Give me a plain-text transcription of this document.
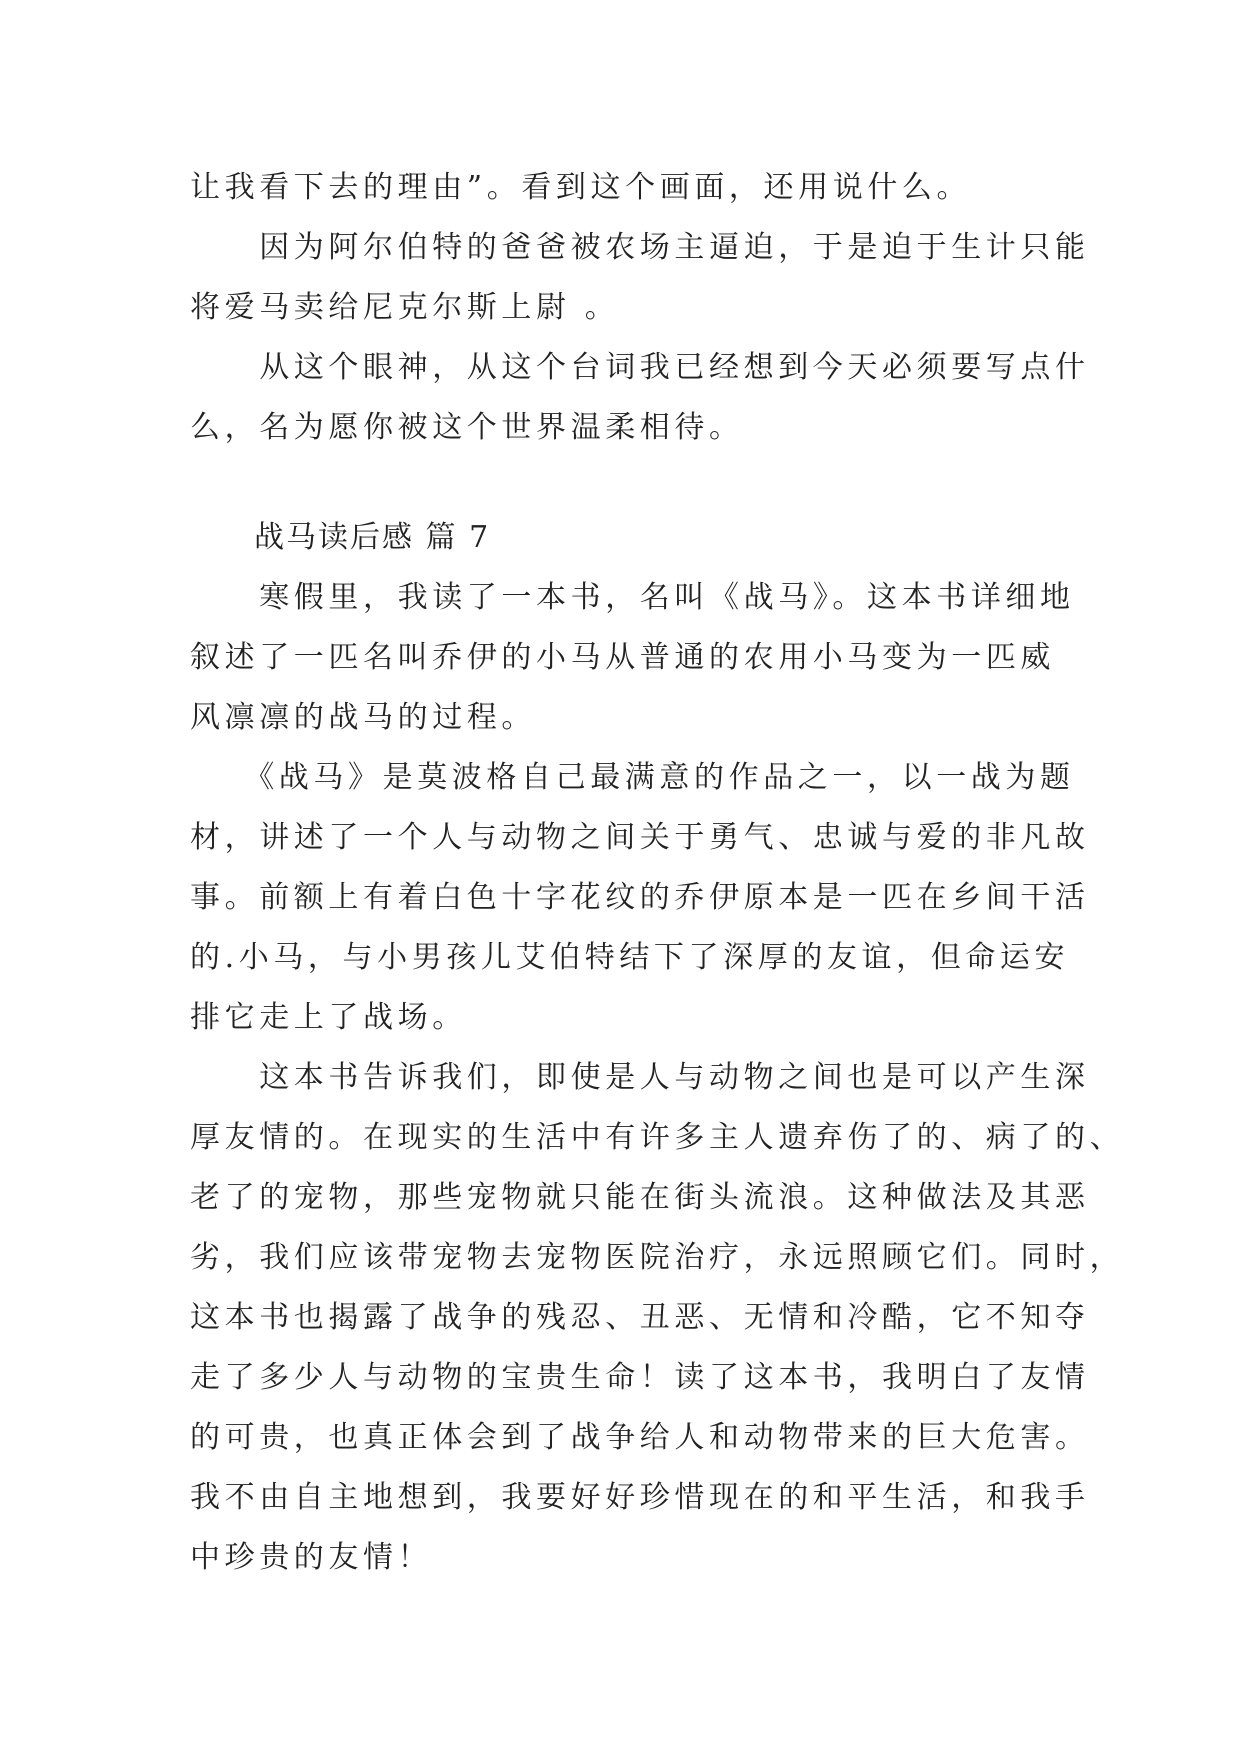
让我看下去的理由”。看到这个画面，还用说什么。
　　因为阿尔伯特的爸爸被农场主逼迫，于是迫于生计只能
将爱马卖给尼克尔斯上尉 。
　　从这个眼神，从这个台词我已经想到今天必须要写点什
么，名为愿你被这个世界温柔相待。
　　战马读后感 篇 7
　　寒假里，我读了一本书，名叫《战马》。这本书详细地
叙述了一匹名叫乔伊的小马从普通的农用小马变为一匹威
风凛凛的战马的过程。
　　《战马》是莫波格自己最满意的作品之一，以一战为题
材，讲述了一个人与动物之间关于勇气、忠诚与爱的非凡故
事。前额上有着白色十字花纹的乔伊原本是一匹在乡间干活
的.小马，与小男孩儿艾伯特结下了深厚的友谊，但命运安
排它走上了战场。
　　这本书告诉我们，即使是人与动物之间也是可以产生深
厚友情的。在现实的生活中有许多主人遗弃伤了的、病了的、
老了的宠物，那些宠物就只能在街头流浪。这种做法及其恶
劣，我们应该带宠物去宠物医院治疗，永远照顾它们。同时，
这本书也揭露了战争的残忍、丑恶、无情和冷酷，它不知夺
走了多少人与动物的宝贵生命！读了这本书，我明白了友情
的可贵，也真正体会到了战争给人和动物带来的巨大危害。
我不由自主地想到，我要好好珍惜现在的和平生活，和我手
中珍贵的友情！
